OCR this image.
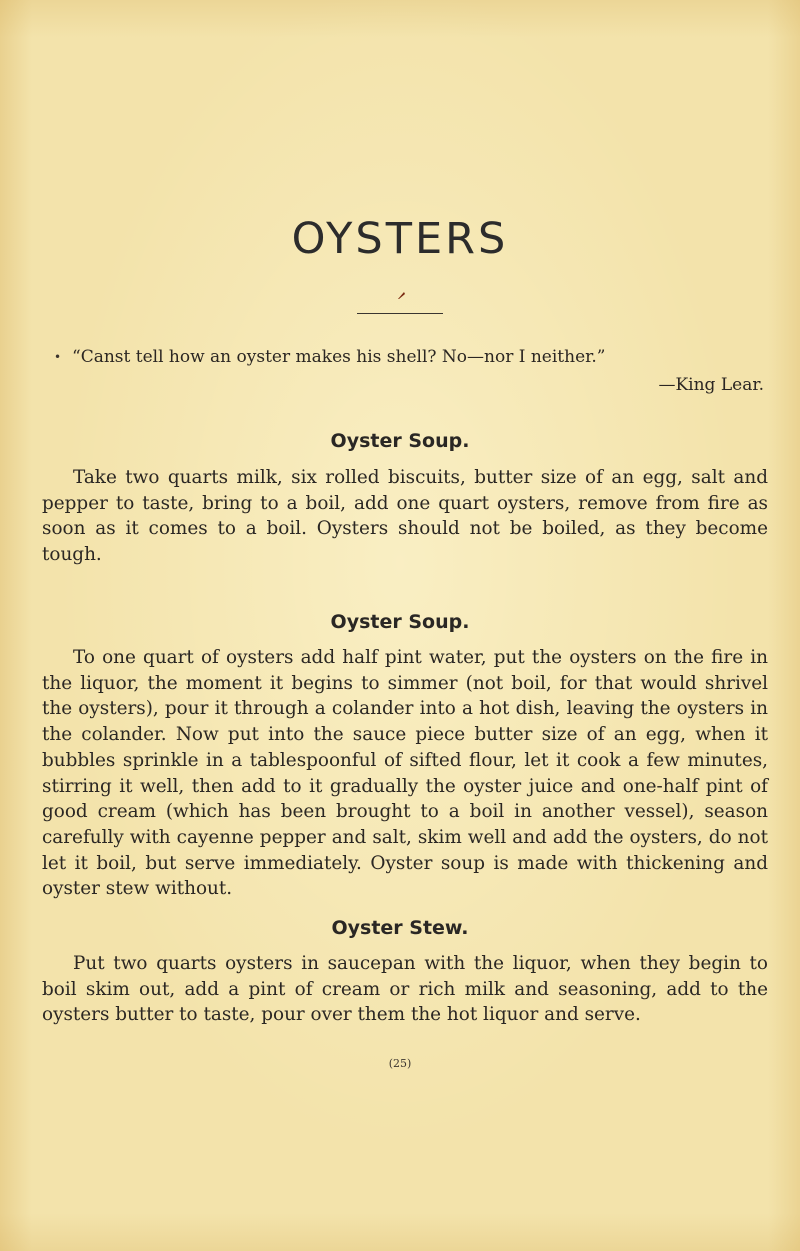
OYSTERS

• “Canst tell how an oyster makes his shell? No—nor I neither.”

—King Lear.

Oyster Soup.

Take two quarts milk, six rolled biscuits, butter size of an egg, salt and pepper to taste, bring to a boil, add one quart oysters, remove from fire as soon as it comes to a boil. Oysters should not be boiled, as they become tough.

Oyster Soup.

To one quart of oysters add half pint water, put the oysters on the fire in the liquor, the moment it begins to simmer (not boil, for that would shrivel the oysters), pour it through a colander into a hot dish, leaving the oysters in the colander. Now put into the sauce piece butter size of an egg, when it bubbles sprinkle in a tablespoonful of sifted flour, let it cook a few minutes, stirring it well, then add to it gradually the oyster juice and one-half pint of good cream (which has been brought to a boil in another vessel), season carefully with cayenne pepper and salt, skim well and add the oysters, do not let it boil, but serve immediately. Oyster soup is made with thickening and oyster stew without.

Oyster Stew.

Put two quarts oysters in saucepan with the liquor, when they begin to boil skim out, add a pint of cream or rich milk and seasoning, add to the oysters butter to taste, pour over them the hot liquor and serve.

(25)
